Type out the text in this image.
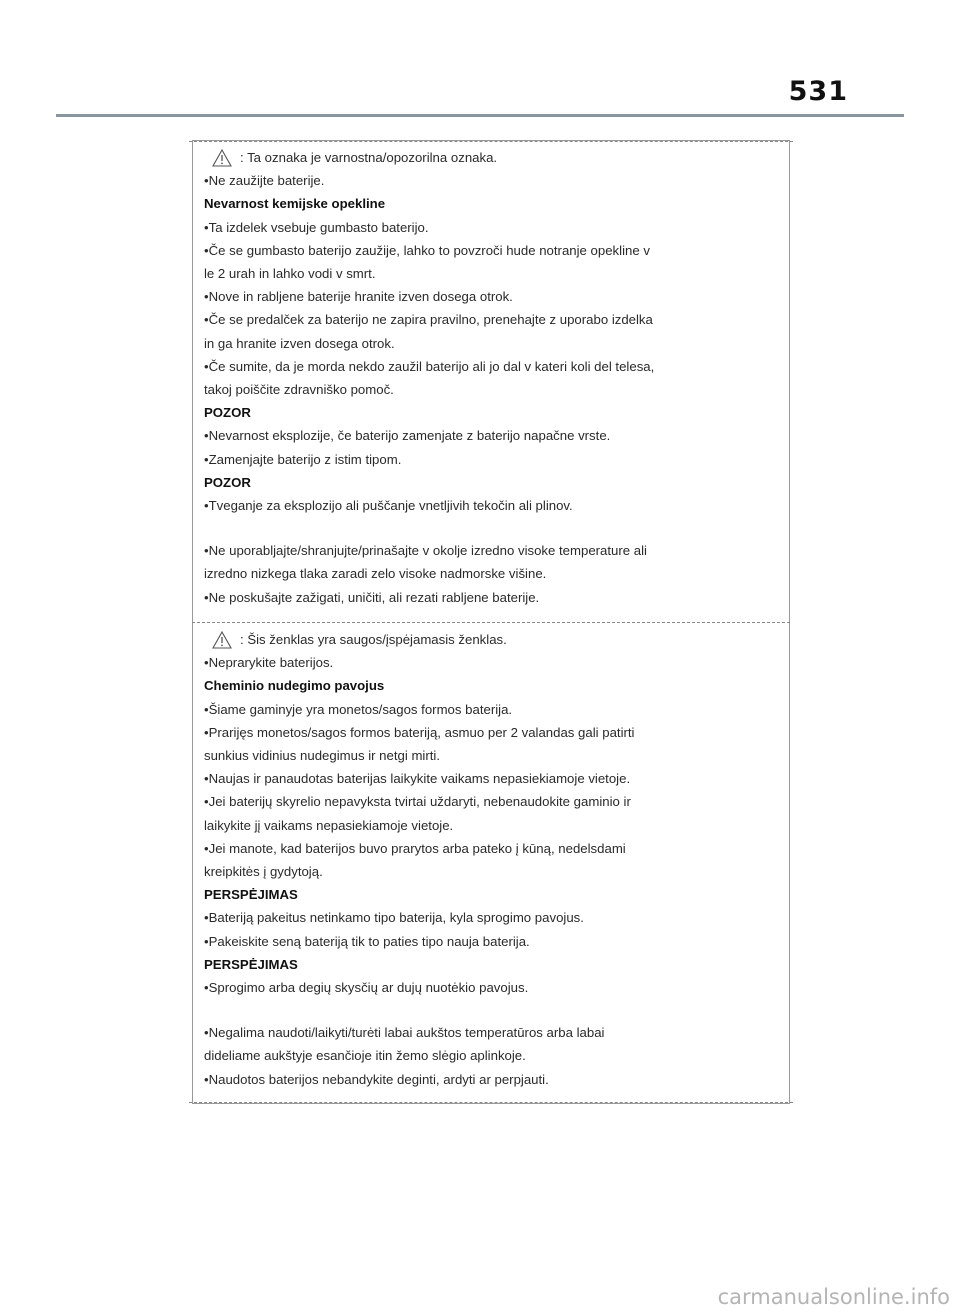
531
: Ta oznaka je varnostna/opozorilna oznaka.
•Ne zaužijte baterije.
Nevarnost kemijske opekline
•Ta izdelek vsebuje gumbasto baterijo.
•Če se gumbasto baterijo zaužije, lahko to povzroči hude notranje opekline v
le 2 urah in lahko vodi v smrt.
•Nove in rabljene baterije hranite izven dosega otrok.
•Če se predalček za baterijo ne zapira pravilno, prenehajte z uporabo izdelka
in ga hranite izven dosega otrok.
•Če sumite, da je morda nekdo zaužil baterijo ali jo dal v kateri koli del telesa,
takoj poiščite zdravniško pomoč.
POZOR
•Nevarnost eksplozije, če baterijo zamenjate z baterijo napačne vrste.
•Zamenjajte baterijo z istim tipom.
POZOR
•Tveganje za eksplozijo ali puščanje vnetljivih tekočin ali plinov.
•Ne uporabljajte/shranjujte/prinašajte v okolje izredno visoke temperature ali
izredno nizkega tlaka zaradi zelo visoke nadmorske višine.
•Ne poskušajte zažigati, uničiti, ali rezati rabljene baterije.
: Šis ženklas yra saugos/įspėjamasis ženklas.
•Neprarykite baterijos.
Cheminio nudegimo pavojus
•Šiame gaminyje yra monetos/sagos formos baterija.
•Prarijęs monetos/sagos formos bateriją, asmuo per 2 valandas gali patirti
sunkius vidinius nudegimus ir netgi mirti.
•Naujas ir panaudotas baterijas laikykite vaikams nepasiekiamoje vietoje.
•Jei baterijų skyrelio nepavyksta tvirtai uždaryti, nebenaudokite gaminio ir
laikykite jį vaikams nepasiekiamoje vietoje.
•Jei manote, kad baterijos buvo prarytos arba pateko į kūną, nedelsdami
kreipkitės į gydytoją.
PERSPĖJIMAS
•Bateriją pakeitus netinkamo tipo baterija, kyla sprogimo pavojus.
•Pakeiskite seną bateriją tik to paties tipo nauja baterija.
PERSPĖJIMAS
•Sprogimo arba degių skysčių ar dujų nuotėkio pavojus.
•Negalima naudoti/laikyti/turėti labai aukštos temperatūros arba labai
dideliame aukštyje esančioje itin žemo slėgio aplinkoje.
•Naudotos baterijos nebandykite deginti, ardyti ar perpjauti.
carmanualsonline.info
